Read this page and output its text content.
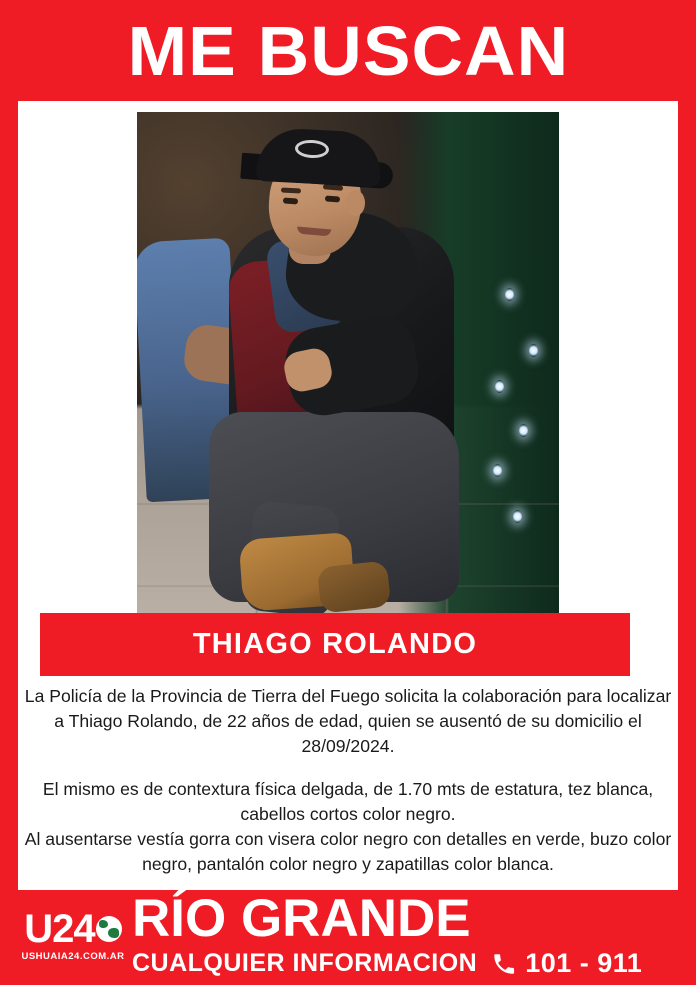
ME BUSCAN
THIAGO ROLANDO

La Policía de la Provincia de Tierra del Fuego solicita la colaboración para localizar a Thiago Rolando, de 22 años de edad, quien se ausentó de su domicilio el 28/09/2024.

El mismo es de contextura física delgada, de 1.70 mts de estatura, tez blanca, cabellos cortos color negro.

Al ausentarse vestía gorra con visera color negro con detalles en verde, buzo color negro, pantalón color negro y zapatillas color blanca.

U24
USHUAIA24.COM.AR
RÍO GRANDE
CUALQUIER INFORMACION 101 - 911
